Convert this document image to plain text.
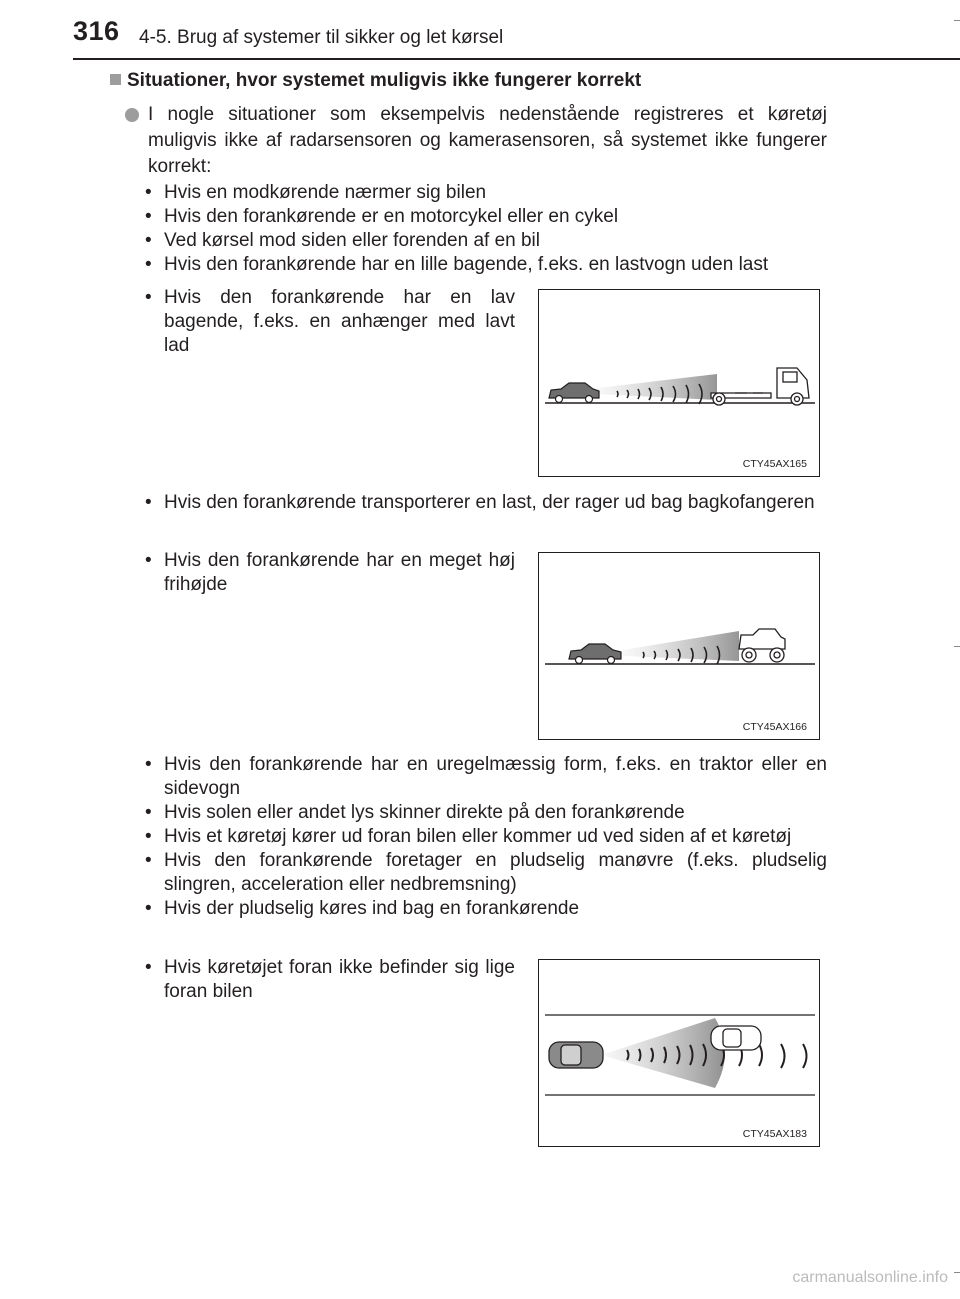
316 4-5. Brug af systemer til sikker og let kørsel
Situationer, hvor systemet muligvis ikke fungerer korrekt
I nogle situationer som eksempelvis nedenstående registreres et køretøj muligvis ikke af radarsensoren og kamerasensoren, så systemet ikke fungerer korrekt:
• Hvis en modkørende nærmer sig bilen
• Hvis den forankørende er en motorcykel eller en cykel
• Ved kørsel mod siden eller forenden af en bil
• Hvis den forankørende har en lille bagende, f.eks. en lastvogn uden last
• Hvis den forankørende har en lav bagende, f.eks. en anhænger med lavt lad
CTY45AX165
• Hvis den forankørende transporterer en last, der rager ud bag bagkofangeren
• Hvis den forankørende har en meget høj frihøjde
CTY45AX166
• Hvis den forankørende har en uregelmæssig form, f.eks. en traktor eller en sidevogn
• Hvis solen eller andet lys skinner direkte på den forankørende
• Hvis et køretøj kører ud foran bilen eller kommer ud ved siden af et køretøj
• Hvis den forankørende foretager en pludselig manøvre (f.eks. pludselig slingren, acceleration eller nedbremsning)
• Hvis der pludselig køres ind bag en forankørende
• Hvis køretøjet foran ikke befinder sig lige foran bilen
CTY45AX183
carmanualsonline.info
